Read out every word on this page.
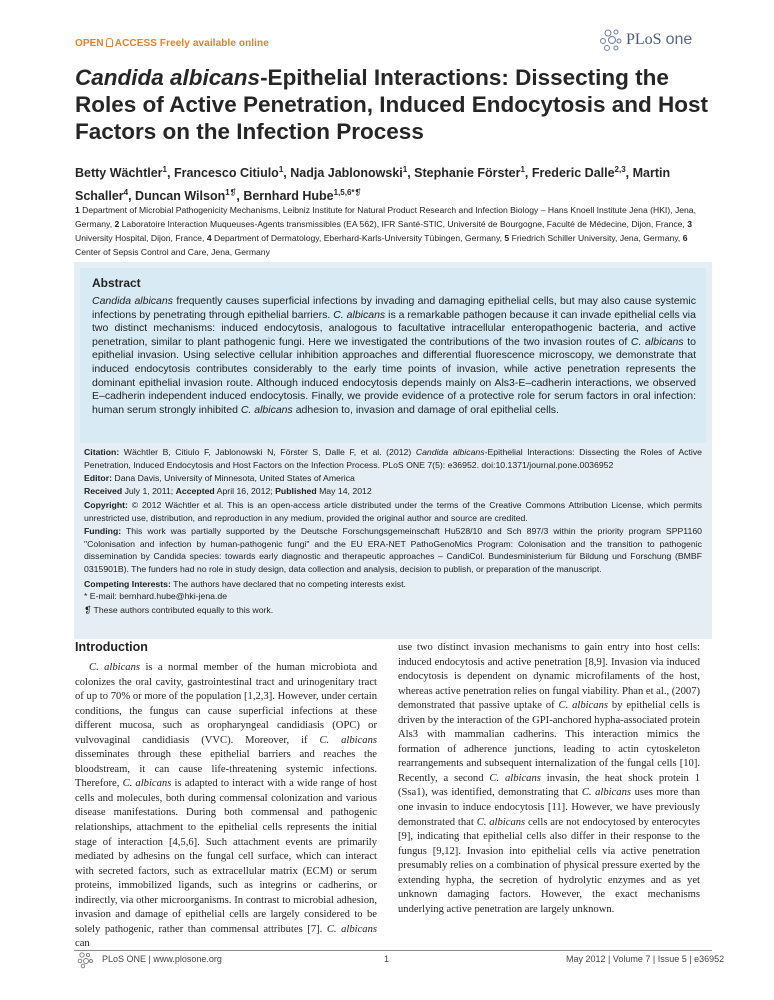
OPEN ACCESS Freely available online	PLoS one
Candida albicans-Epithelial Interactions: Dissecting the Roles of Active Penetration, Induced Endocytosis and Host Factors on the Infection Process
Betty Wächtler$^1$, Francesco Citiulo$^1$, Nadja Jablonowski$^1$, Stephanie Förster$^1$, Frederic Dalle$^{2,3}$, Martin Schaller$^4$, Duncan Wilson$^{1❡}$, Bernhard Hube$^{1,5,6*❡}$
1 Department of Microbial Pathogenicity Mechanisms, Leibniz Institute for Natural Product Research and Infection Biology – Hans Knoell Institute Jena (HKI), Jena, Germany, 2 Laboratoire Interaction Muqueuses-Agents transmissibles (EA 562), IFR Santé-STIC, Université de Bourgogne, Faculté de Médecine, Dijon, France, 3 University Hospital, Dijon, France, 4 Department of Dermatology, Eberhard-Karls-University Tübingen, Germany, 5 Friedrich Schiller University, Jena, Germany, 6 Center of Sepsis Control and Care, Jena, Germany
Abstract
Candida albicans frequently causes superficial infections by invading and damaging epithelial cells, but may also cause systemic infections by penetrating through epithelial barriers. C. albicans is a remarkable pathogen because it can invade epithelial cells via two distinct mechanisms: induced endocytosis, analogous to facultative intracellular enteropathogenic bacteria, and active penetration, similar to plant pathogenic fungi. Here we investigated the contributions of the two invasion routes of C. albicans to epithelial invasion. Using selective cellular inhibition approaches and differential fluorescence microscopy, we demonstrate that induced endocytosis contributes considerably to the early time points of invasion, while active penetration represents the dominant epithelial invasion route. Although induced endocytosis depends mainly on Als3-E–cadherin interactions, we observed E–cadherin independent induced endocytosis. Finally, we provide evidence of a protective role for serum factors in oral infection: human serum strongly inhibited C. albicans adhesion to, invasion and damage of oral epithelial cells.
Citation: Wächtler B, Citiulo F, Jablonowski N, Förster S, Dalle F, et al. (2012) Candida albicans-Epithelial Interactions: Dissecting the Roles of Active Penetration, Induced Endocytosis and Host Factors on the Infection Process. PLoS ONE 7(5): e36952. doi:10.1371/journal.pone.0036952
Editor: Dana Davis, University of Minnesota, United States of America
Received July 1, 2011; Accepted April 16, 2012; Published May 14, 2012
Copyright: © 2012 Wächtler et al. This is an open-access article distributed under the terms of the Creative Commons Attribution License, which permits unrestricted use, distribution, and reproduction in any medium, provided the original author and source are credited.
Funding: This work was partially supported by the Deutsche Forschungsgemeinschaft Hu528/10 and Sch 897/3 within the priority program SPP1160 "Colonisation and infection by human-pathogenic fungi" and the EU ERA-NET PathoGenoMics Program: Colonisation and the transition to pathogenic dissemination by Candida species: towards early diagnostic and therapeutic approaches – CandiCol. Bundesministerium für Bildung und Forschung (BMBF 0315901B). The funders had no role in study design, data collection and analysis, decision to publish, or preparation of the manuscript.
Competing Interests: The authors have declared that no competing interests exist.
* E-mail: bernhard.hube@hki-jena.de
❡ These authors contributed equally to this work.
Introduction
C. albicans is a normal member of the human microbiota and colonizes the oral cavity, gastrointestinal tract and urinogenitary tract of up to 70% or more of the population [1,2,3]. However, under certain conditions, the fungus can cause superficial infections at these different mucosa, such as oropharyngeal candidiasis (OPC) or vulvovaginal candidiasis (VVC). Moreover, if C. albicans disseminates through these epithelial barriers and reaches the bloodstream, it can cause life-threatening systemic infections. Therefore, C. albicans is adapted to interact with a wide range of host cells and molecules, both during commensal colonization and various disease manifestations. During both commensal and pathogenic relationships, attachment to the epithelial cells represents the initial stage of interaction [4,5,6]. Such attachment events are primarily mediated by adhesins on the fungal cell surface, which can interact with secreted factors, such as extracellular matrix (ECM) or serum proteins, immobilized ligands, such as integrins or cadherins, or indirectly, via other microorganisms. In contrast to microbial adhesion, invasion and damage of epithelial cells are largely considered to be solely pathogenic, rather than commensal attributes [7]. C. albicans can
use two distinct invasion mechanisms to gain entry into host cells: induced endocytosis and active penetration [8,9]. Invasion via induced endocytosis is dependent on dynamic microfilaments of the host, whereas active penetration relies on fungal viability. Phan et al., (2007) demonstrated that passive uptake of C. albicans by epithelial cells is driven by the interaction of the GPI-anchored hypha-associated protein Als3 with mammalian cadherins. This interaction mimics the formation of adherence junctions, leading to actin cytoskeleton rearrangements and subsequent internalization of the fungal cells [10]. Recently, a second C. albicans invasin, the heat shock protein 1 (Ssa1), was identified, demonstrating that C. albicans uses more than one invasin to induce endocytosis [11]. However, we have previously demonstrated that C. albicans cells are not endocytosed by enterocytes [9], indicating that epithelial cells also differ in their response to the fungus [9,12]. Invasion into epithelial cells via active penetration presumably relies on a combination of physical pressure exerted by the extending hypha, the secretion of hydrolytic enzymes and as yet unknown damaging factors. However, the exact mechanisms underlying active penetration are largely unknown.
PLoS ONE | www.plosone.org	1	May 2012 | Volume 7 | Issue 5 | e36952
